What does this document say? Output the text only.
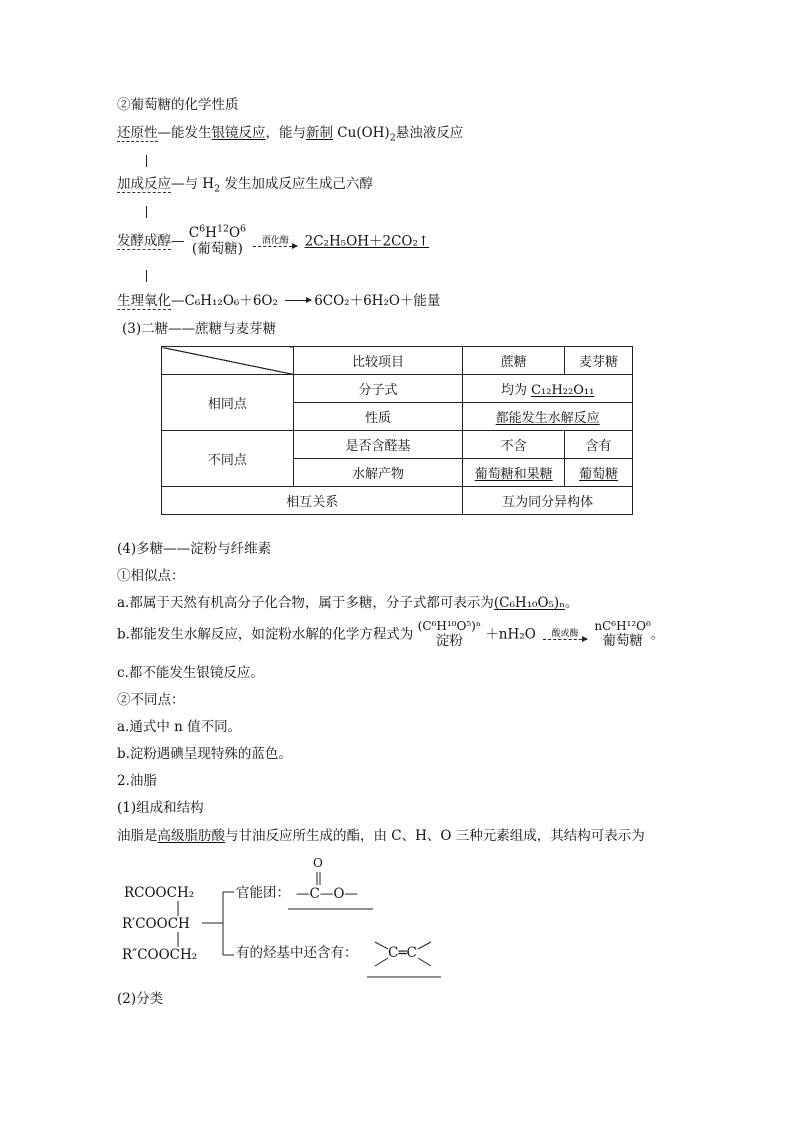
②葡萄糖的化学性质
还原性—能发生银镜反应，能与新制 $Cu(OH)_2$悬浊液反应
加成反应—与 $H_2$ 发生加成反应生成己六醇
发酵成醇—
$C^6H^{12}O^6$
(葡萄糖)
酒化酶 2C₂H₅OH＋2CO₂↑
生理氧化—C₆H₁₂O₆＋6O₂	6CO₂＋6H₂O＋能量
(3)二糖——蔗糖与麦芽糖
	比较项目	蔗糖	麦芽糖
相同点	分子式	均为 C₁₂H₂₂O₁₁	
	性质	都能发生水解反应	
不同点	是否含醛基	不含	含有
	水解产物	葡萄糖和果糖	葡萄糖
相互关系		互为同分异构体	
(4)多糖——淀粉与纤维素
①相似点：
a.都属于天然有机高分子化合物，属于多糖，分子式都可表示为(C₆H₁₀O₅)ₙ。
b.都能发生水解反应，如淀粉水解的化学方程式为
(C⁶H¹⁰O⁵)ⁿ
淀粉 ＋nH₂O 酸或酶

nC⁶H¹²O⁶
葡萄糖 。
c.都不能发生银镜反应。
②不同点：
a.通式中 n 值不同。
b.淀粉遇碘呈现特殊的蓝色。
2.油脂
(1)组成和结构
油脂是高级脂肪酸与甘油反应所生成的酯，由 C、H、O 三种元素组成，其结构可表示为
RCOOCH₂
R′COOCH
R″COOCH₂
官能团：
O
—C—O—
有的烃基中还含有： C═C
(2)分类
